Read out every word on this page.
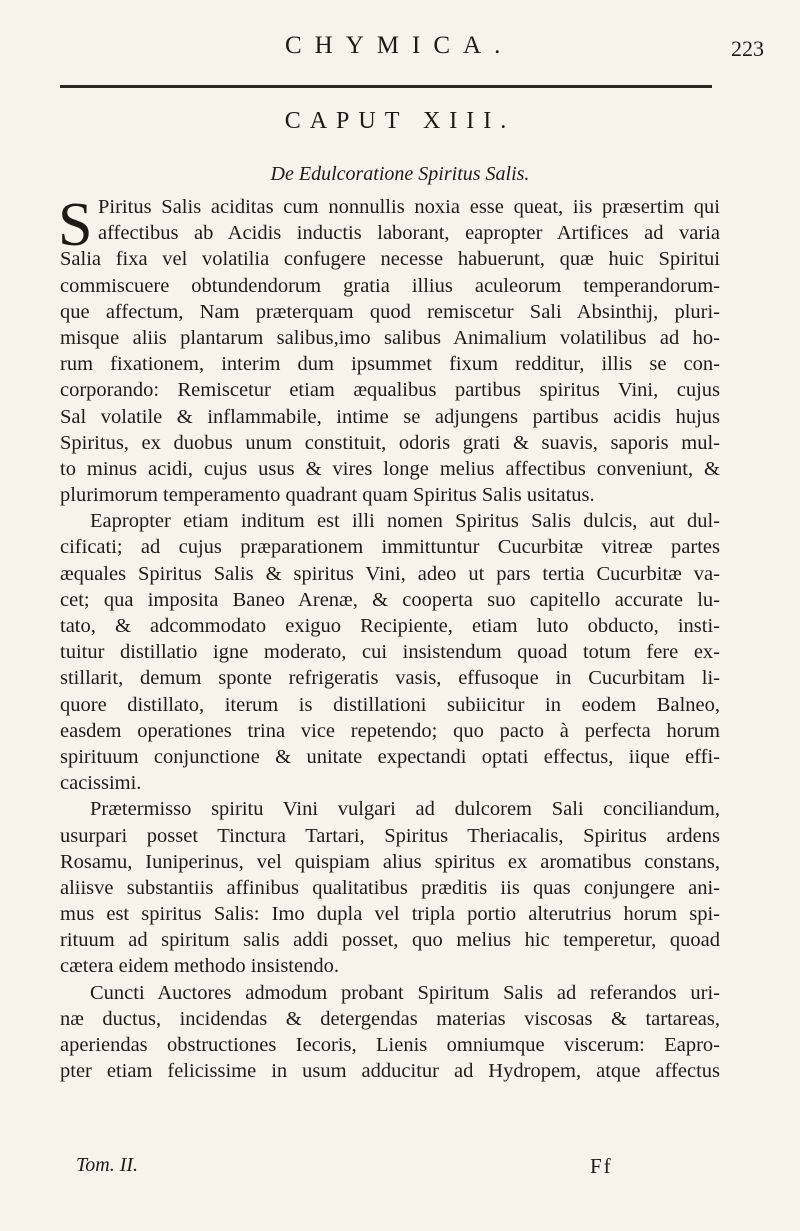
CHYMICA.	223
CAPUT XIII.
De Edulcoratione Spiritus Salis.
S Piritus Salis aciditas cum nonnullis noxia esse queat, iis præsertim qui
affectibus ab Acidis inductis laborant, eapropter Artifices ad varia
Salia fixa vel volatilia confugere necesse habuerunt, quæ huic Spiritui
commiscuere obtundendorum gratia illius aculeorum temperandorum-
que affectum, Nam præterquam quod remiscetur Sali Absinthij, pluri-
misque aliis plantarum salibus,imo salibus Animalium volatilibus ad ho-
rum fixationem, interim dum ipsummet fixum redditur, illis se con-
corporando: Remiscetur etiam æqualibus partibus spiritus Vini, cujus
Sal volatile & inflammabile, intime se adjungens partibus acidis hujus
Spiritus, ex duobus unum constituit, odoris grati & suavis, saporis mul-
to minus acidi, cujus usus & vires longe melius affectibus conveniunt, &
plurimorum temperamento quadrant quam Spiritus Salis usitatus.
Eapropter etiam inditum est illi nomen Spiritus Salis dulcis, aut dul-
cificati; ad cujus præparationem immittuntur Cucurbitæ vitreæ partes
æquales Spiritus Salis & spiritus Vini, adeo ut pars tertia Cucurbitæ va-
cet; qua imposita Baneo Arenæ, & cooperta suo capitello accurate lu-
tato, & adcommodato exiguo Recipiente, etiam luto obducto, insti-
tuitur distillatio igne moderato, cui insistendum quoad totum fere ex-
stillarit, demum sponte refrigeratis vasis, effusoque in Cucurbitam li-
quore distillato, iterum is distillationi subiicitur in eodem Balneo,
easdem operationes trina vice repetendo; quo pacto à perfecta horum
spirituum conjunctione & unitate expectandi optati effectus, iique effi-
cacissimi.
Prætermisso spiritu Vini vulgari ad dulcorem Sali conciliandum,
usurpari posset Tinctura Tartari, Spiritus Theriacalis, Spiritus ardens
Rosamu, Iuniperinus, vel quispiam alius spiritus ex aromatibus constans,
aliisve substantiis affinibus qualitatibus præditis iis quas conjungere ani-
mus est spiritus Salis: Imo dupla vel tripla portio alterutrius horum spi-
rituum ad spiritum salis addi posset, quo melius hic temperetur, quoad
cætera eidem methodo insistendo.
Cuncti Auctores admodum probant Spiritum Salis ad referandos uri-
næ ductus, incidendas & detergendas materias viscosas & tartareas,
aperiendas obstructiones Iecoris, Lienis omniumque viscerum: Eapro-
pter etiam felicissime in usum adducitur ad Hydropem, atque affectus
Tom. II.	Ff
